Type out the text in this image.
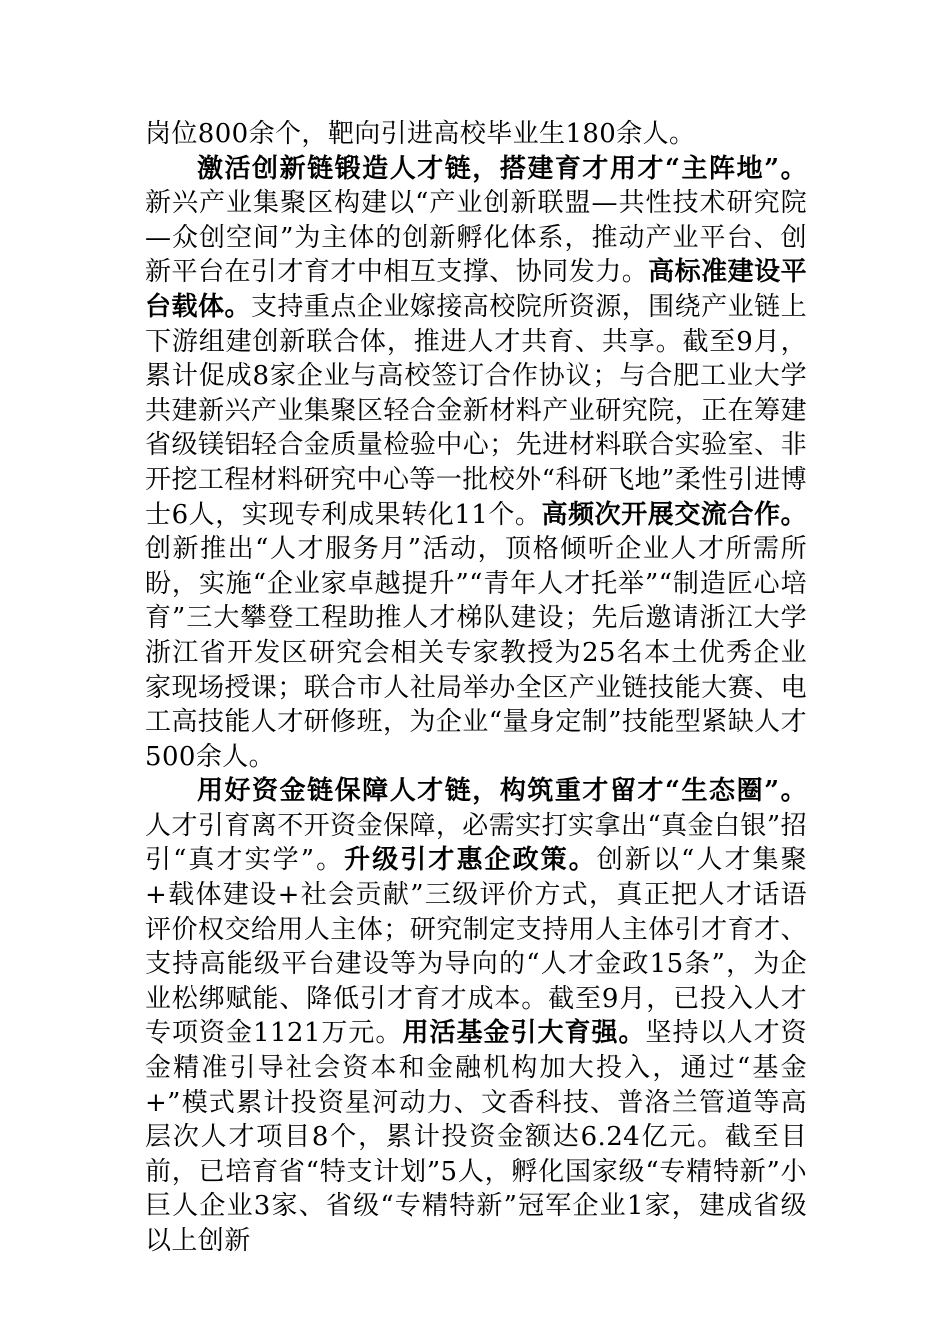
岗位800余个，靶向引进高校毕业生180余人。

激活创新链锻造人才链，搭建育才用才“主阵地”。新兴产业集聚区构建以“产业创新联盟—共性技术研究院—众创空间”为主体的创新孵化体系，推动产业平台、创新平台在引才育才中相互支撑、协同发力。高标准建设平台载体。支持重点企业嫁接高校院所资源，围绕产业链上下游组建创新联合体，推进人才共育、共享。截至9月，累计促成8家企业与高校签订合作协议；与合肥工业大学共建新兴产业集聚区轻合金新材料产业研究院，正在筹建省级镁铝轻合金质量检验中心；先进材料联合实验室、非开挖工程材料研究中心等一批校外“科研飞地”柔性引进博士6人，实现专利成果转化11个。高频次开展交流合作。创新推出“人才服务月”活动，顶格倾听企业人才所需所盼，实施“企业家卓越提升”“青年人才托举”“制造匠心培育”三大攀登工程助推人才梯队建设；先后邀请浙江大学浙江省开发区研究会相关专家教授为25名本土优秀企业家现场授课；联合市人社局举办全区产业链技能大赛、电工高技能人才研修班，为企业“量身定制”技能型紧缺人才500余人。

用好资金链保障人才链，构筑重才留才“生态圈”。人才引育离不开资金保障，必需实打实拿出“真金白银”招引“真才实学”。升级引才惠企政策。创新以“人才集聚+载体建设+社会贡献”三级评价方式，真正把人才话语评价权交给用人主体；研究制定支持用人主体引才育才、支持高能级平台建设等为导向的“人才金政15条”，为企业松绑赋能、降低引才育才成本。截至9月，已投入人才专项资金1121万元。用活基金引大育强。坚持以人才资金精准引导社会资本和金融机构加大投入，通过“基金+”模式累计投资星河动力、文香科技、普洛兰管道等高层次人才项目8个，累计投资金额达6.24亿元。截至目前，已培育省“特支计划”5人，孵化国家级“专精特新”小巨人企业3家、省级“专精特新”冠军企业1家，建成省级以上创新
